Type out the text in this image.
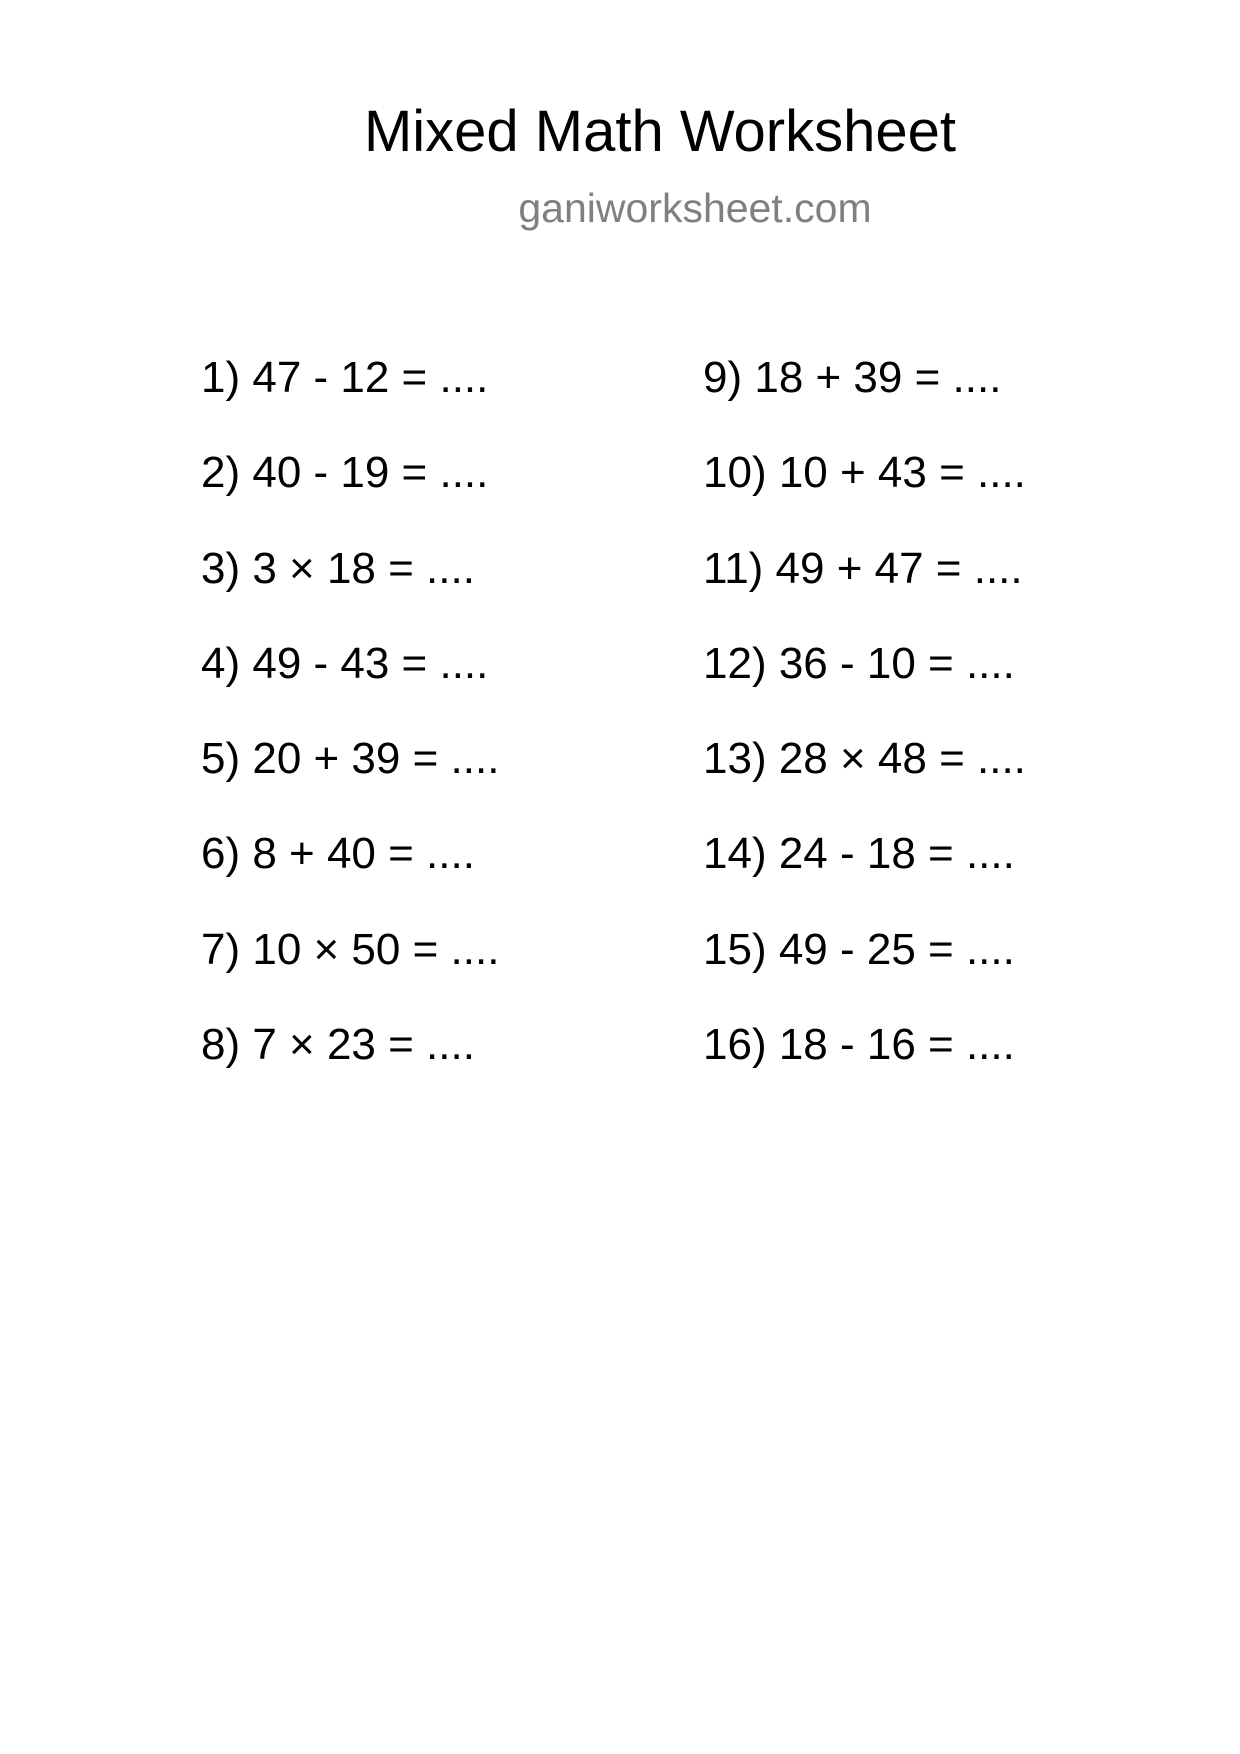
Mixed Math Worksheet
ganiworksheet.com
1) 47 - 12 = ....
2) 40 - 19 = ....
3) 3 × 18 = ....
4) 49 - 43 = ....
5) 20 + 39 = ....
6) 8 + 40 = ....
7) 10 × 50 = ....
8) 7 × 23 = ....
9) 18 + 39 = ....
10) 10 + 43 = ....
11) 49 + 47 = ....
12) 36 - 10 = ....
13) 28 × 48 = ....
14) 24 - 18 = ....
15) 49 - 25 = ....
16) 18 - 16 = ....
